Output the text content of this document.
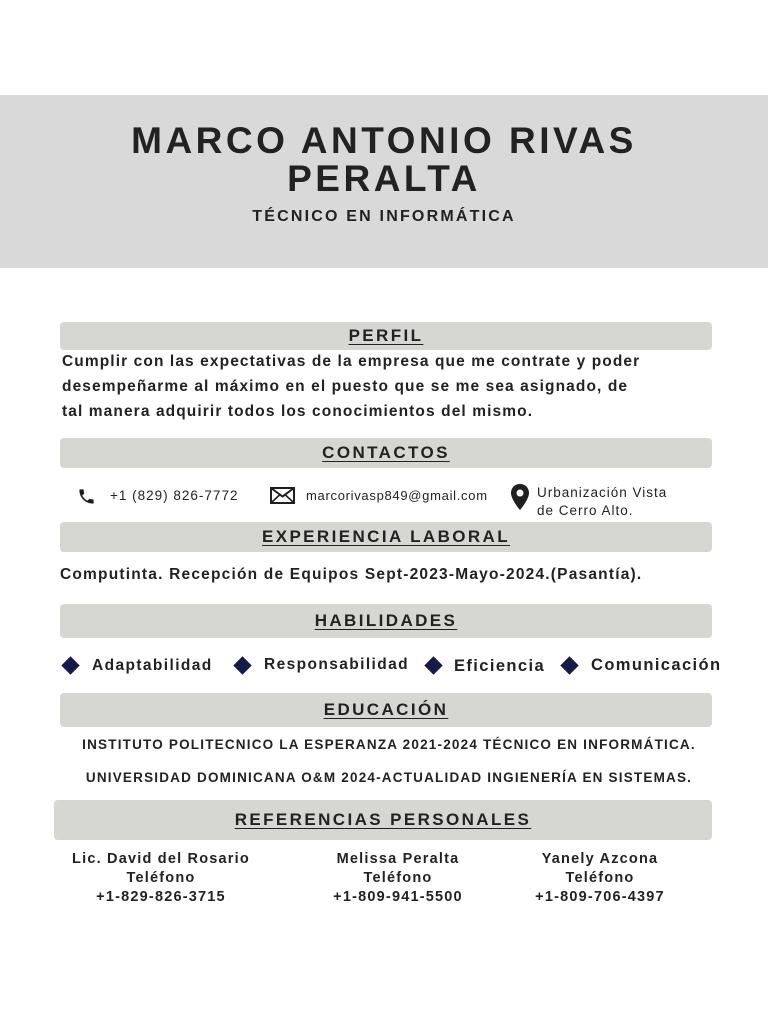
MARCO ANTONIO RIVAS
PERALTA
TÉCNICO EN INFORMÁTICA
PERFIL
Cumplir con las expectativas de la empresa que me contrate y poder
desempeñarme al máximo en el puesto que se me sea asignado, de
tal manera adquirir todos los conocimientos del mismo.
CONTACTOS
+1 (829) 826-7772	marcorivasp849@gmail.com	Urbanización Vista
de Cerro Alto.
EXPERIENCIA LABORAL
Computinta. Recepción de Equipos Sept-2023-Mayo-2024.(Pasantía).
HABILIDADES
Adaptabilidad	Responsabilidad	Eficiencia	Comunicación
EDUCACIÓN
INSTITUTO POLITECNICO LA ESPERANZA 2021-2024 TÉCNICO EN INFORMÁTICA.
UNIVERSIDAD DOMINICANA O&M 2024-ACTUALIDAD INGIENERÍA EN SISTEMAS.
REFERENCIAS PERSONALES
Lic. David del Rosario
Teléfono
+1-829-826-3715
Melissa Peralta
Teléfono
+1-809-941-5500
Yanely Azcona
Teléfono
+1-809-706-4397
